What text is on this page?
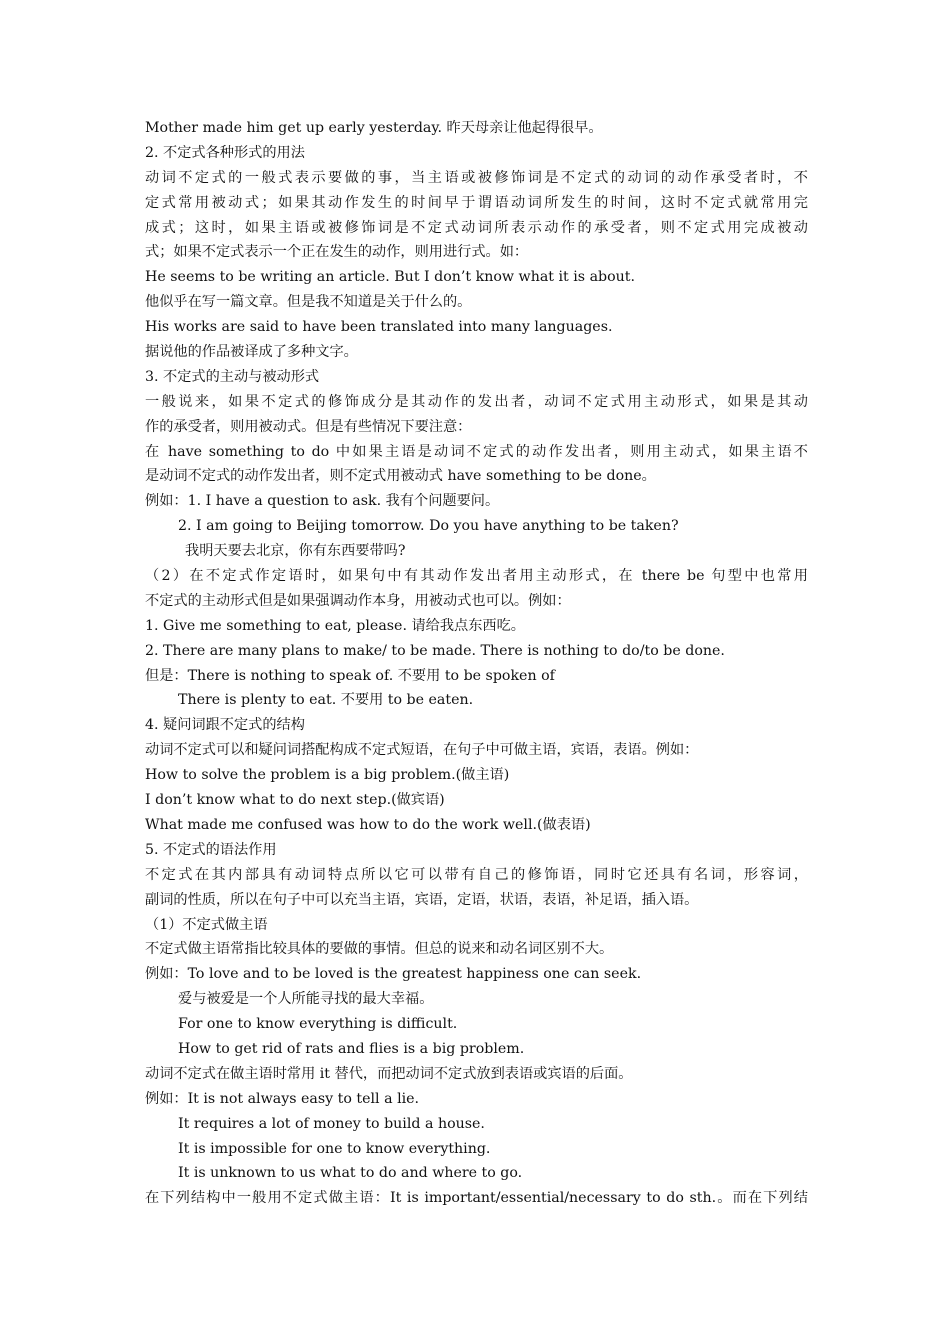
Mother made him get up early yesterday. 昨天母亲让他起得很早。
2. 不定式各种形式的用法
动词不定式的一般式表示要做的事，当主语或被修饰词是不定式的动词的动作承受者时，不
定式常用被动式；如果其动作发生的时间早于谓语动词所发生的时间，这时不定式就常用完
成式；这时，如果主语或被修饰词是不定式动词所表示动作的承受者，则不定式用完成被动
式；如果不定式表示一个正在发生的动作，则用进行式。如：
He seems to be writing an article. But I don’t know what it is about.
他似乎在写一篇文章。但是我不知道是关于什么的。
His works are said to have been translated into many languages.
据说他的作品被译成了多种文字。
3. 不定式的主动与被动形式
一般说来，如果不定式的修饰成分是其动作的发出者，动词不定式用主动形式，如果是其动
作的承受者，则用被动式。但是有些情况下要注意：
在 have something to do 中如果主语是动词不定式的动作发出者，则用主动式，如果主语不
是动词不定式的动作发出者，则不定式用被动式 have something to be done。
例如：1. I have a question to ask. 我有个问题要问。
2. I am going to Beijing tomorrow. Do you have anything to be taken?
我明天要去北京，你有东西要带吗?
（2）在不定式作定语时，如果句中有其动作发出者用主动形式，在 there be 句型中也常用
不定式的主动形式但是如果强调动作本身，用被动式也可以。例如：
1. Give me something to eat, please. 请给我点东西吃。
2. There are many plans to make/ to be made. There is nothing to do/to be done.
但是：There is nothing to speak of. 不要用 to be spoken of
There is plenty to eat. 不要用 to be eaten.
4. 疑问词跟不定式的结构
动词不定式可以和疑问词搭配构成不定式短语，在句子中可做主语，宾语，表语。例如：
How to solve the problem is a big problem.(做主语)
I don’t know what to do next step.(做宾语)
What made me confused was how to do the work well.(做表语)
5. 不定式的语法作用
不定式在其内部具有动词特点所以它可以带有自己的修饰语，同时它还具有名词，形容词，
副词的性质，所以在句子中可以充当主语，宾语，定语，状语，表语，补足语，插入语。
（1）不定式做主语
不定式做主语常指比较具体的要做的事情。但总的说来和动名词区别不大。
例如：To love and to be loved is the greatest happiness one can seek.
爱与被爱是一个人所能寻找的最大幸福。
For one to know everything is difficult.
How to get rid of rats and flies is a big problem.
动词不定式在做主语时常用 it 替代，而把动词不定式放到表语或宾语的后面。
例如：It is not always easy to tell a lie.
It requires a lot of money to build a house.
It is impossible for one to know everything.
It is unknown to us what to do and where to go.
在下列结构中一般用不定式做主语：It is important/essential/necessary to do sth.。而在下列结
